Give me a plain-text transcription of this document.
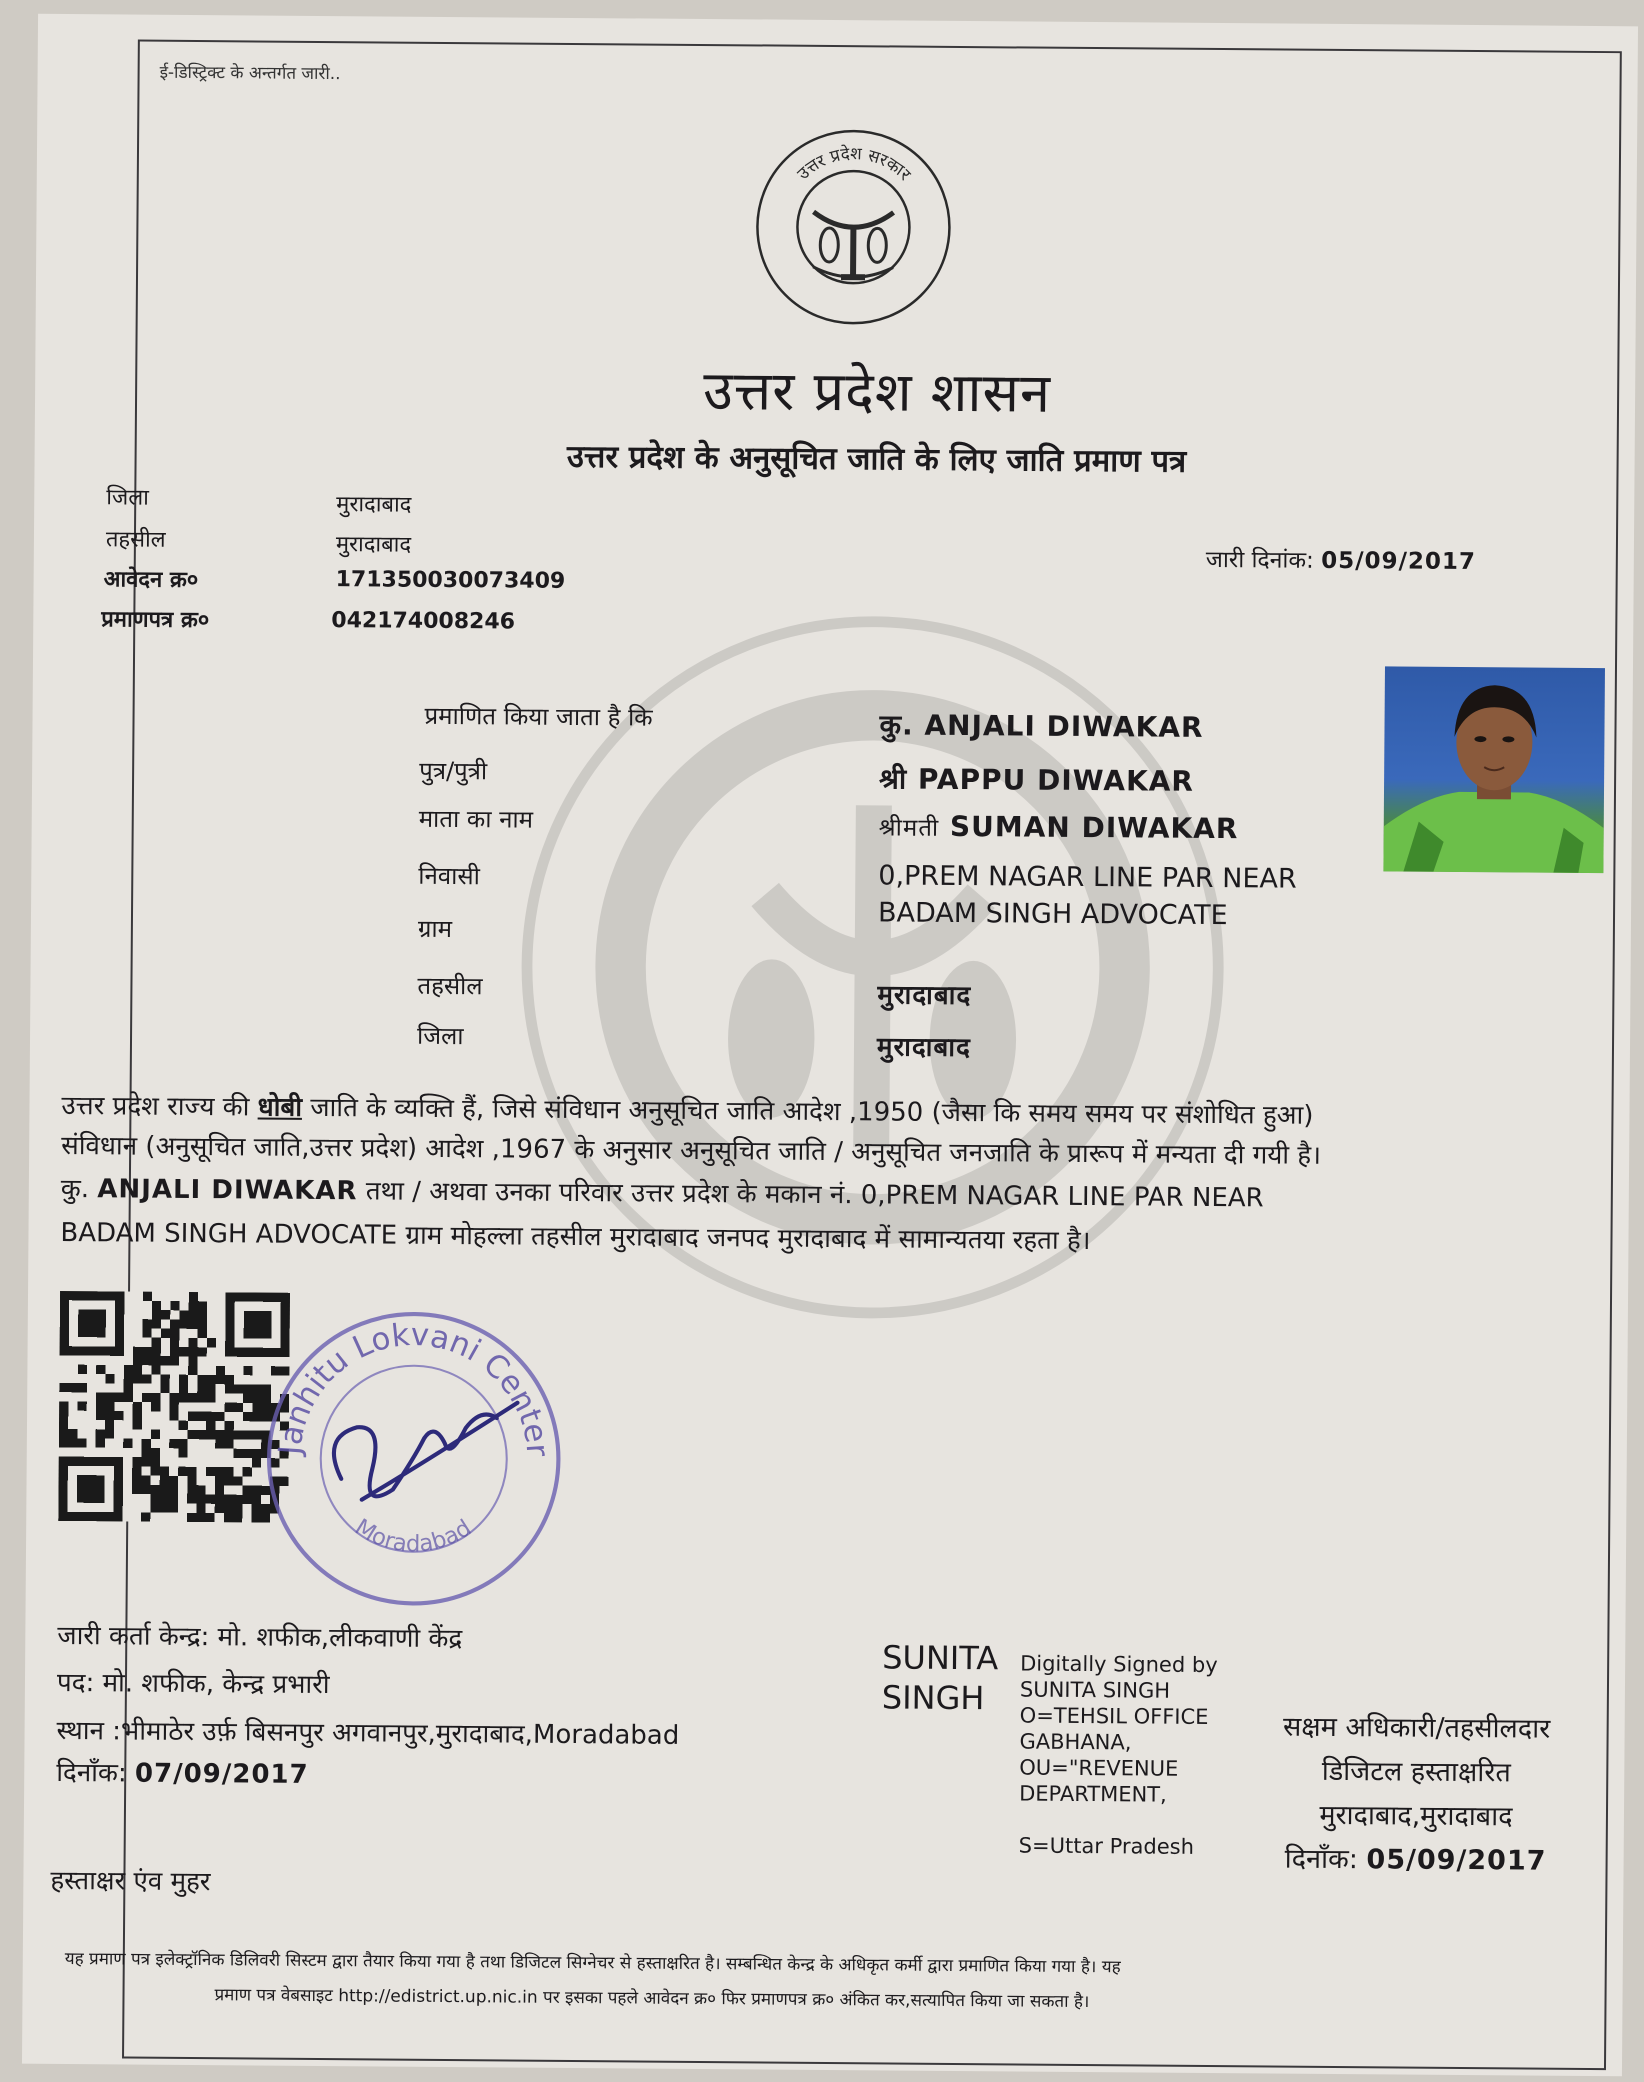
ई-डिस्ट्रिक्ट के अन्तर्गत जारी..
उत्तर प्रदेश सरकार
उत्तर प्रदेश शासन
उत्तर प्रदेश के अनुसूचित जाति के लिए जाति प्रमाण पत्र
जिला	मुरादाबाद
तहसील	मुरादाबाद
आवेदन क्र०	171350030073409
प्रमाणपत्र क्र०	042174008246
जारी दिनांक: 05/09/2017
प्रमाणित किया जाता है कि	कु. ANJALI DIWAKAR
पुत्र/पुत्री	श्री PAPPU DIWAKAR
माता का नाम	श्रीमती SUMAN DIWAKAR
निवासी	0,PREM NAGAR LINE PAR NEAR
BADAM SINGH ADVOCATE
ग्राम
तहसील	मुरादाबाद
जिला	मुरादाबाद
उत्तर प्रदेश राज्य की धोबी जाति के व्यक्ति हैं, जिसे संविधान अनुसूचित जाति आदेश ,1950 (जैसा कि समय समय पर संशोधित हुआ)
संविधान (अनुसूचित जाति,उत्तर प्रदेश) आदेश ,1967 के अनुसार अनुसूचित जाति / अनुसूचित जनजाति के प्रारूप में मन्यता दी गयी है।
कु. ANJALI DIWAKAR तथा / अथवा उनका परिवार उत्तर प्रदेश के मकान नं. 0,PREM NAGAR LINE PAR NEAR
BADAM SINGH ADVOCATE ग्राम मोहल्ला तहसील मुरादाबाद जनपद मुरादाबाद में सामान्यतया रहता है।
Janhitu Lokvani Center
Moradabad
जारी कर्ता केन्द्र: मो. शफीक,लीकवाणी केंद्र
पद: मो. शफीक, केन्द्र प्रभारी
स्थान :भीमाठेर उर्फ़ बिसनपुर अगवानपुर,मुरादाबाद,Moradabad
दिनाँक: 07/09/2017
हस्ताक्षर एंव मुहर
SUNITA
SINGH
Digitally Signed by
SUNITA SINGH
O=TEHSIL OFFICE
GABHANA,
OU="REVENUE
DEPARTMENT,
S=Uttar Pradesh
सक्षम अधिकारी/तहसीलदार
डिजिटल हस्ताक्षरित
मुरादाबाद,मुरादाबाद
दिनाँक: 05/09/2017
यह प्रमाण पत्र इलेक्ट्रॉनिक डिलिवरी सिस्टम द्वारा तैयार किया गया है तथा डिजिटल सिग्नेचर से हस्ताक्षरित है। सम्बन्धित केन्द्र के अधिकृत कर्मी द्वारा प्रमाणित किया गया है। यह
प्रमाण पत्र वेबसाइट http://edistrict.up.nic.in पर इसका पहले आवेदन क्र० फिर प्रमाणपत्र क्र० अंकित कर,सत्यापित किया जा सकता है।
